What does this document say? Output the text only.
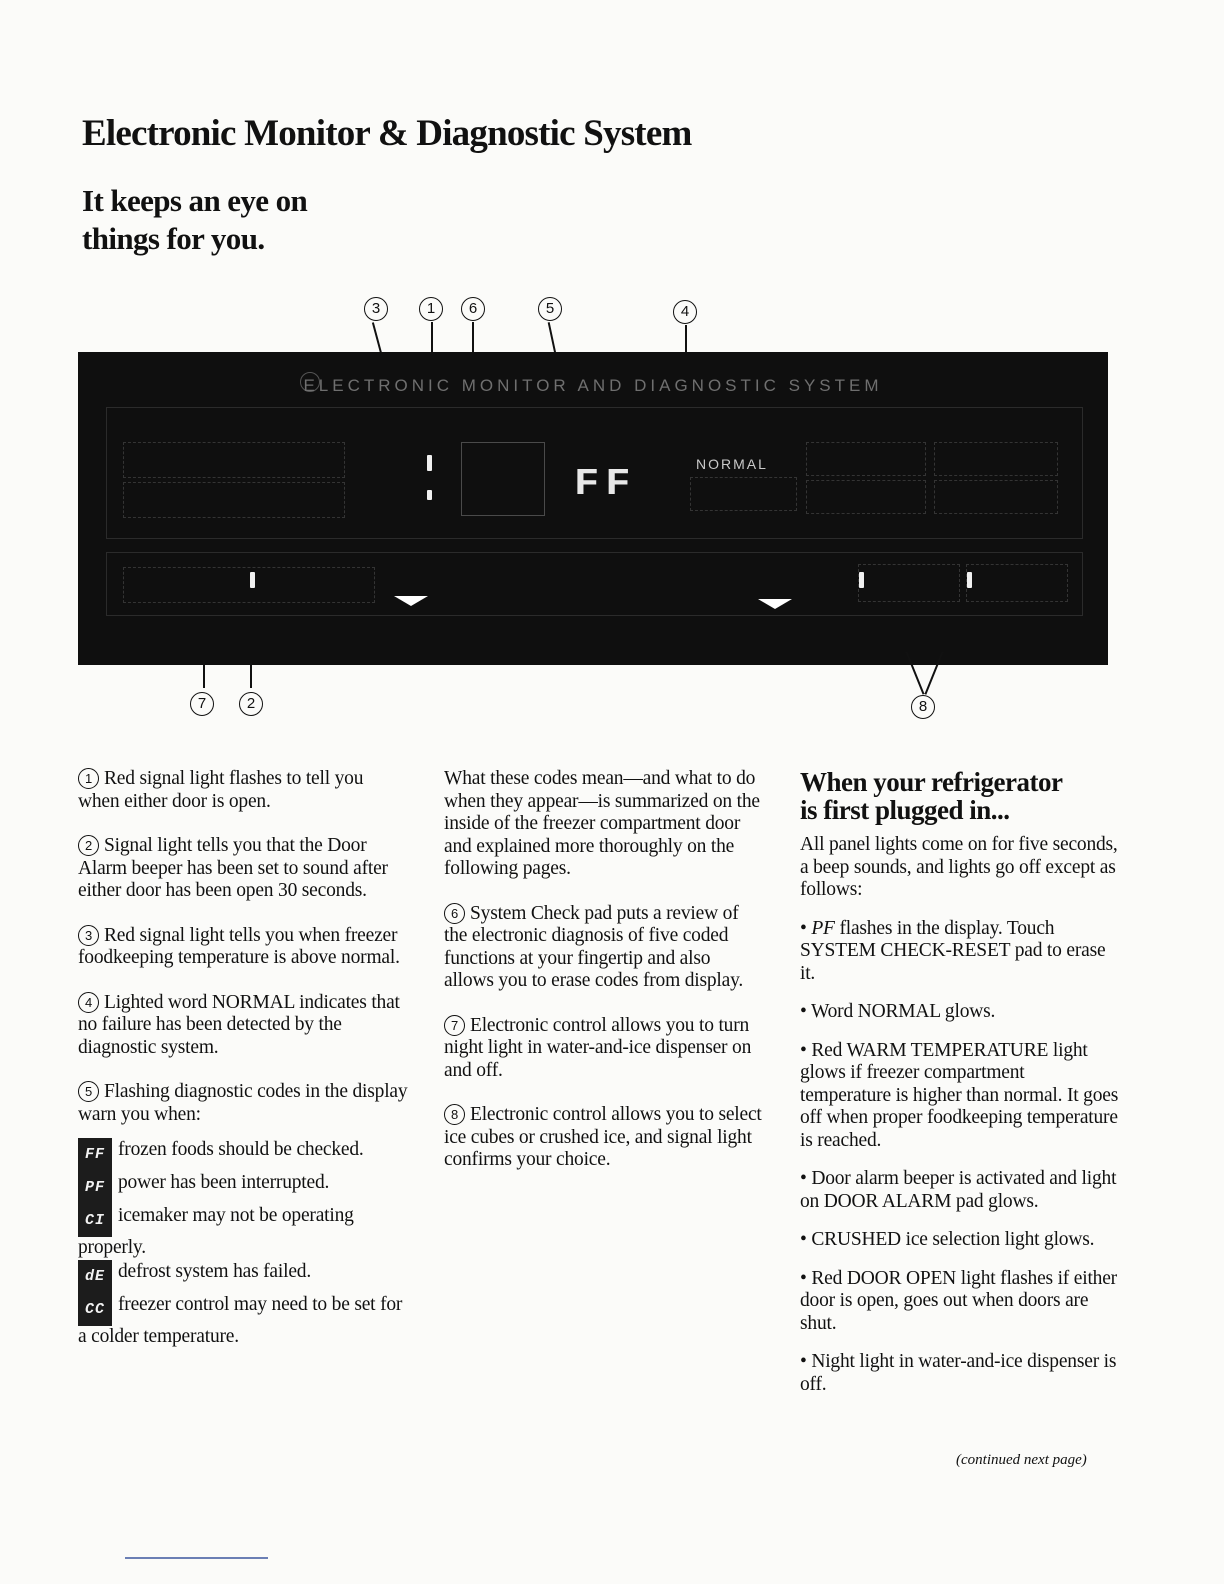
Electronic Monitor & Diagnostic System
It keeps an eye on
things for you.
3	1	6	5	4
ELECTRONIC MONITOR AND DIAGNOSTIC SYSTEM
FF	NORMAL
7	2	8

1 Red signal light flashes to tell you when either door is open.

2 Signal light tells you that the Door Alarm beeper has been set to sound after either door has been open 30 seconds.

3 Red signal light tells you when freezer foodkeeping temperature is above normal.

4 Lighted word NORMAL indicates that no failure has been detected by the diagnostic system.

5 Flashing diagnostic codes in the display warn you when:

FF frozen foods should be checked.

PF power has been interrupted.

CI icemaker may not be operating properly.

dE defrost system has failed.

CC freezer control may need to be set for a colder temperature.

What these codes mean—and what to do when they appear—is summarized on the inside of the freezer compartment door and explained more thoroughly on the following pages.

6 System Check pad puts a review of the electronic diagnosis of five coded functions at your fingertip and also allows you to erase codes from display.

7 Electronic control allows you to turn night light in water-and-ice dispenser on and off.

8 Electronic control allows you to select ice cubes or crushed ice, and signal light confirms your choice.

When your refrigerator
is first plugged in...

All panel lights come on for five seconds, a beep sounds, and lights go off except as follows:

• PF flashes in the display. Touch SYSTEM CHECK-RESET pad to erase it.

• Word NORMAL glows.

• Red WARM TEMPERATURE light glows if freezer compartment temperature is higher than normal. It goes off when proper foodkeeping temperature is reached.

• Door alarm beeper is activated and light on DOOR ALARM pad glows.

• CRUSHED ice selection light glows.

• Red DOOR OPEN light flashes if either door is open, goes out when doors are shut.

• Night light in water-and-ice dispenser is off.

(continued next page)
